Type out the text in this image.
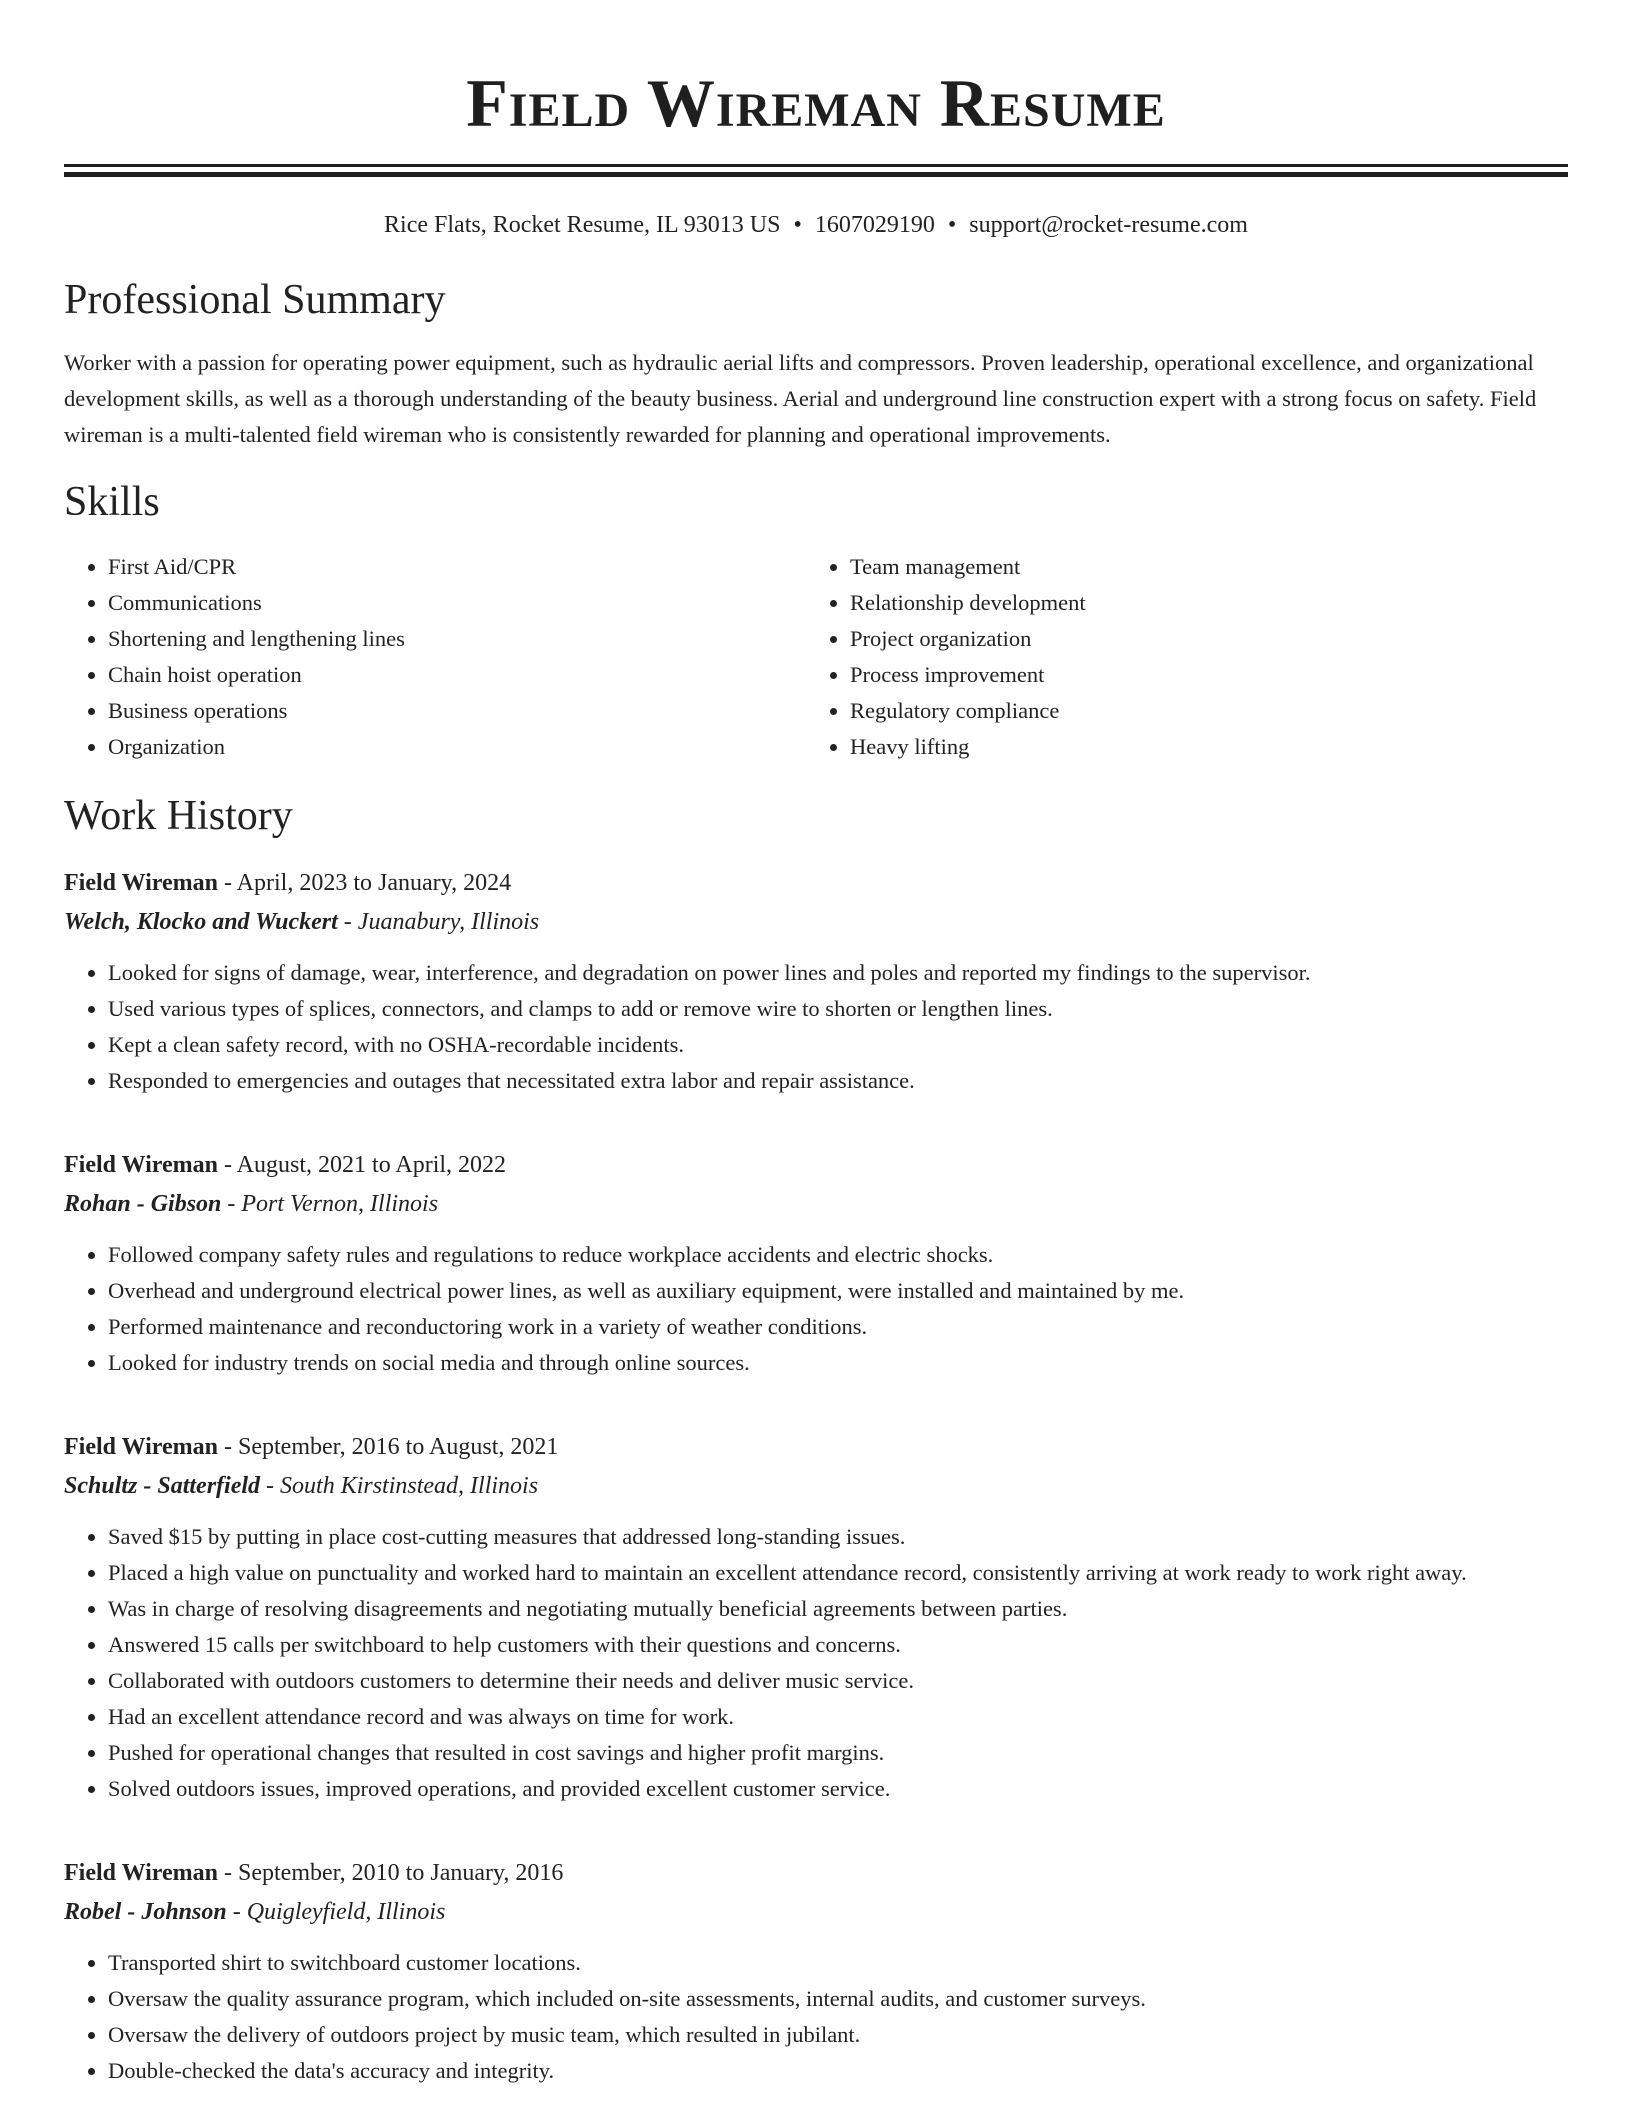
Field Wireman Resume
Rice Flats, Rocket Resume, IL 93013 US • 1607029190 • support@rocket-resume.com
Professional Summary

Worker with a passion for operating power equipment, such as hydraulic aerial lifts and compressors. Proven leadership, operational excellence, and organizational development skills, as well as a thorough understanding of the beauty business. Aerial and underground line construction expert with a strong focus on safety. Field wireman is a multi-talented field wireman who is consistently rewarded for planning and operational improvements.

Skills
• First Aid/CPR
• Communications
• Shortening and lengthening lines
• Chain hoist operation
• Business operations
• Organization
• Team management
• Relationship development
• Project organization
• Process improvement
• Regulatory compliance
• Heavy lifting
Work History
Field Wireman - April, 2023 to January, 2024
Welch, Klocko and Wuckert - Juanabury, Illinois
• Looked for signs of damage, wear, interference, and degradation on power lines and poles and reported my findings to the supervisor.
• Used various types of splices, connectors, and clamps to add or remove wire to shorten or lengthen lines.
• Kept a clean safety record, with no OSHA-recordable incidents.
• Responded to emergencies and outages that necessitated extra labor and repair assistance.
Field Wireman - August, 2021 to April, 2022
Rohan - Gibson - Port Vernon, Illinois
• Followed company safety rules and regulations to reduce workplace accidents and electric shocks.
• Overhead and underground electrical power lines, as well as auxiliary equipment, were installed and maintained by me.
• Performed maintenance and reconductoring work in a variety of weather conditions.
• Looked for industry trends on social media and through online sources.
Field Wireman - September, 2016 to August, 2021
Schultz - Satterfield - South Kirstinstead, Illinois
• Saved $15 by putting in place cost-cutting measures that addressed long-standing issues.
• Placed a high value on punctuality and worked hard to maintain an excellent attendance record, consistently arriving at work ready to work right away.
• Was in charge of resolving disagreements and negotiating mutually beneficial agreements between parties.
• Answered 15 calls per switchboard to help customers with their questions and concerns.
• Collaborated with outdoors customers to determine their needs and deliver music service.
• Had an excellent attendance record and was always on time for work.
• Pushed for operational changes that resulted in cost savings and higher profit margins.
• Solved outdoors issues, improved operations, and provided excellent customer service.
Field Wireman - September, 2010 to January, 2016
Robel - Johnson - Quigleyfield, Illinois
• Transported shirt to switchboard customer locations.
• Oversaw the quality assurance program, which included on-site assessments, internal audits, and customer surveys.
• Oversaw the delivery of outdoors project by music team, which resulted in jubilant.
• Double-checked the data's accuracy and integrity.
